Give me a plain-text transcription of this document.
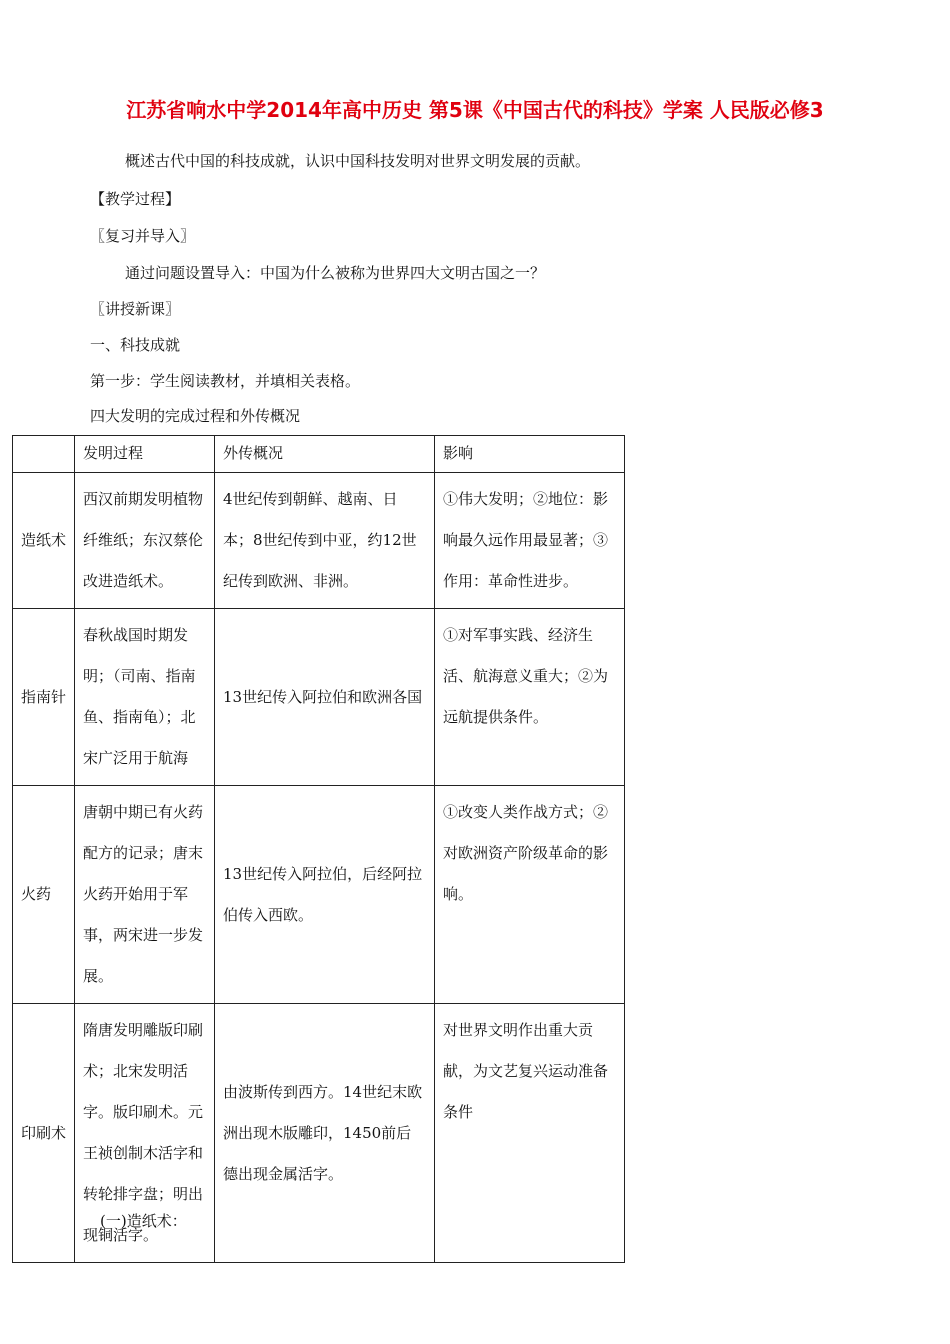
江苏省响水中学2014年高中历史 第5课《中国古代的科技》学案 人民版必修3
概述古代中国的科技成就，认识中国科技发明对世界文明发展的贡献。
【教学过程】
〖复习并导入〗
通过问题设置导入：中国为什么被称为世界四大文明古国之一？
〖讲授新课〗
一、科技成就
第一步：学生阅读教材，并填相关表格。
四大发明的完成过程和外传概况
	发明过程	外传概况	影响
造纸术	西汉前期发明植物纤维纸；东汉蔡伦改进造纸术。	4世纪传到朝鲜、越南、日本；8世纪传到中亚，约12世纪传到欧洲、非洲。	①伟大发明；②地位：影响最久远作用最显著；③作用：革命性进步。
指南针	春秋战国时期发明；（司南、指南鱼、指南龟）；北宋广泛用于航海	13世纪传入阿拉伯和欧洲各国	①对军事实践、经济生活、航海意义重大；②为远航提供条件。
火药	唐朝中期已有火药配方的记录；唐末火药开始用于军事，两宋进一步发展。	13世纪传入阿拉伯，后经阿拉伯传入西欧。	①改变人类作战方式；②对欧洲资产阶级革命的影响。
印刷术	隋唐发明雕版印刷术；北宋发明活字。版印刷术。元王祯创制木活字和转轮排字盘；明出现铜活字。	由波斯传到西方。14世纪末欧洲出现木版雕印，1450前后德出现金属活字。	对世界文明作出重大贡献，为文艺复兴运动准备条件
(一)造纸术：
